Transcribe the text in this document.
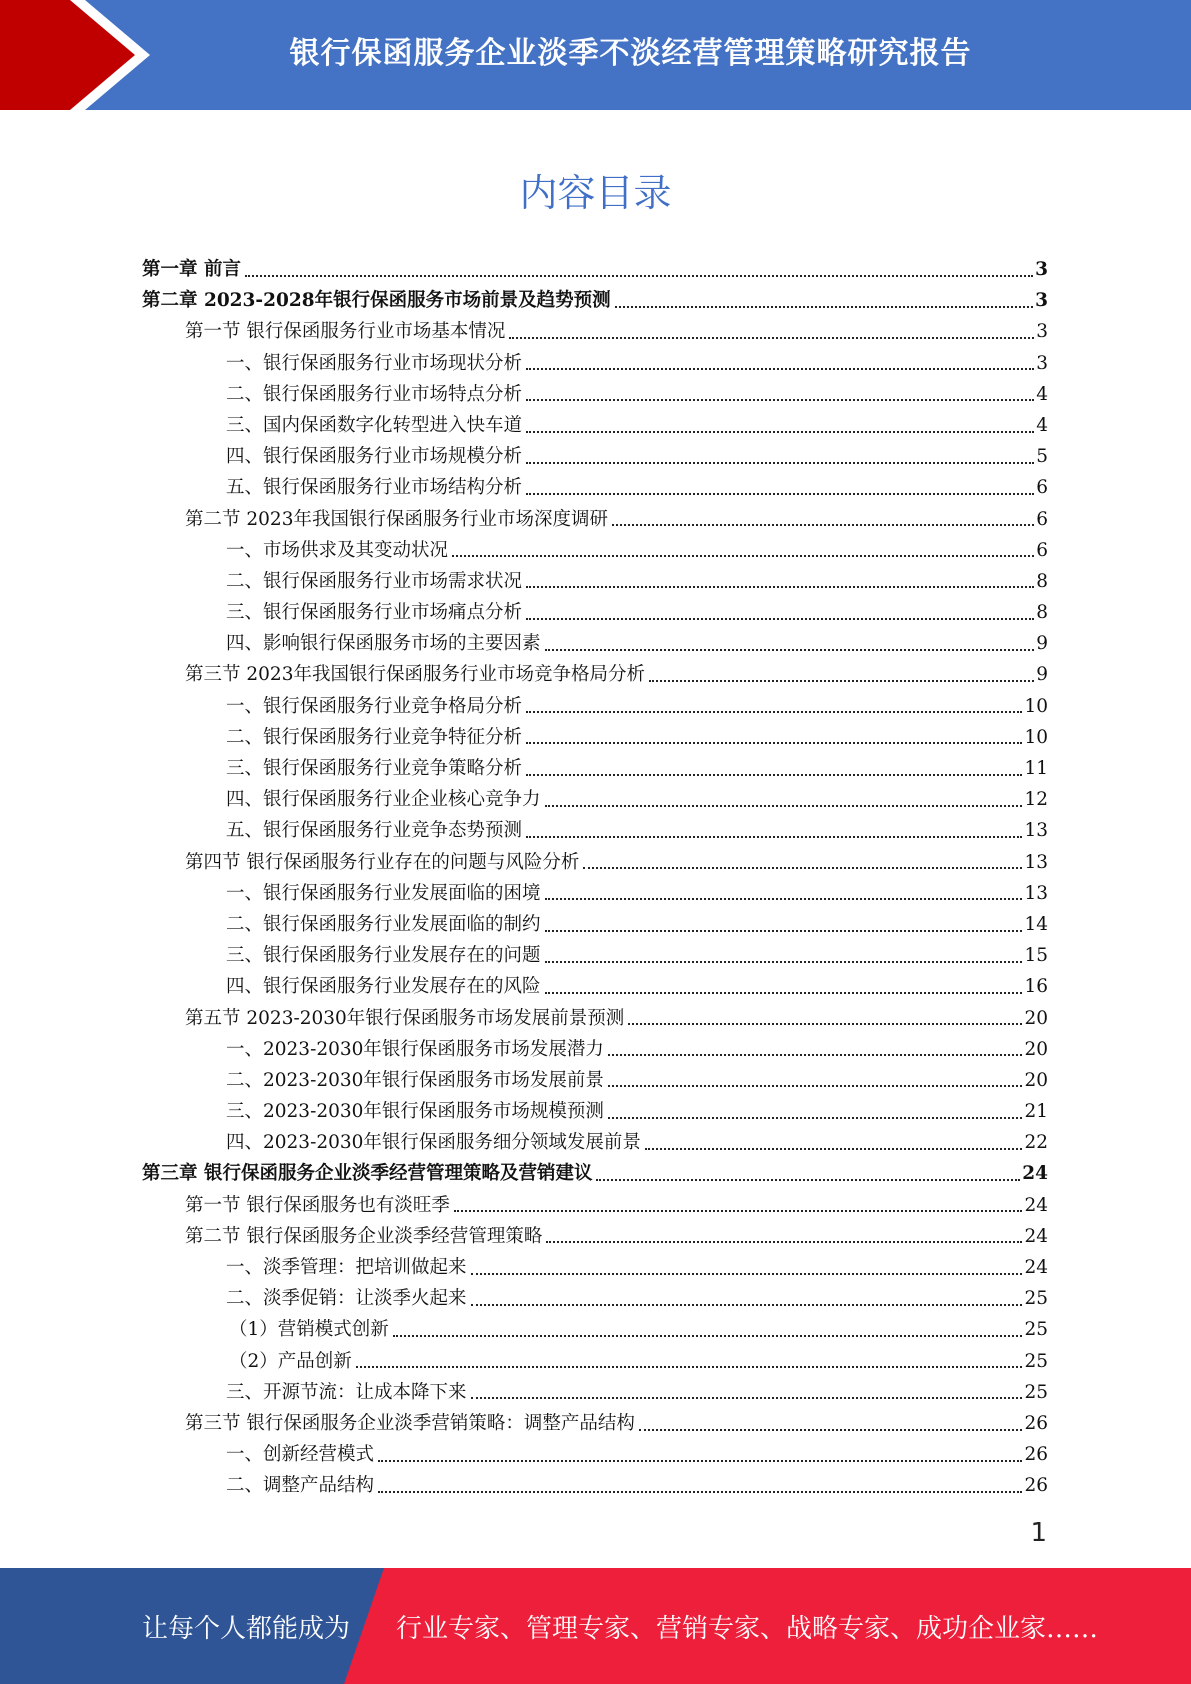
银行保函服务企业淡季不淡经营管理策略研究报告
内容目录
第一章 前言	3
第二章 2023-2028年银行保函服务市场前景及趋势预测	3
第一节 银行保函服务行业市场基本情况	3
一、银行保函服务行业市场现状分析	3
二、银行保函服务行业市场特点分析	4
三、国内保函数字化转型进入快车道	4
四、银行保函服务行业市场规模分析	5
五、银行保函服务行业市场结构分析	6
第二节 2023年我国银行保函服务行业市场深度调研	6
一、市场供求及其变动状况	6
二、银行保函服务行业市场需求状况	8
三、银行保函服务行业市场痛点分析	8
四、影响银行保函服务市场的主要因素	9
第三节 2023年我国银行保函服务行业市场竞争格局分析	9
一、银行保函服务行业竞争格局分析	10
二、银行保函服务行业竞争特征分析	10
三、银行保函服务行业竞争策略分析	11
四、银行保函服务行业企业核心竞争力	12
五、银行保函服务行业竞争态势预测	13
第四节 银行保函服务行业存在的问题与风险分析	13
一、银行保函服务行业发展面临的困境	13
二、银行保函服务行业发展面临的制约	14
三、银行保函服务行业发展存在的问题	15
四、银行保函服务行业发展存在的风险	16
第五节 2023-2030年银行保函服务市场发展前景预测	20
一、2023-2030年银行保函服务市场发展潜力	20
二、2023-2030年银行保函服务市场发展前景	20
三、2023-2030年银行保函服务市场规模预测	21
四、2023-2030年银行保函服务细分领域发展前景	22
第三章 银行保函服务企业淡季经营管理策略及营销建议	24
第一节 银行保函服务也有淡旺季	24
第二节 银行保函服务企业淡季经营管理策略	24
一、淡季管理：把培训做起来	24
二、淡季促销：让淡季火起来	25
（1）营销模式创新	25
（2）产品创新	25
三、开源节流：让成本降下来	25
第三节 银行保函服务企业淡季营销策略：调整产品结构	26
一、创新经营模式	26
二、调整产品结构	26
1
让每个人都能成为 行业专家、管理专家、营销专家、战略专家、成功企业家……
